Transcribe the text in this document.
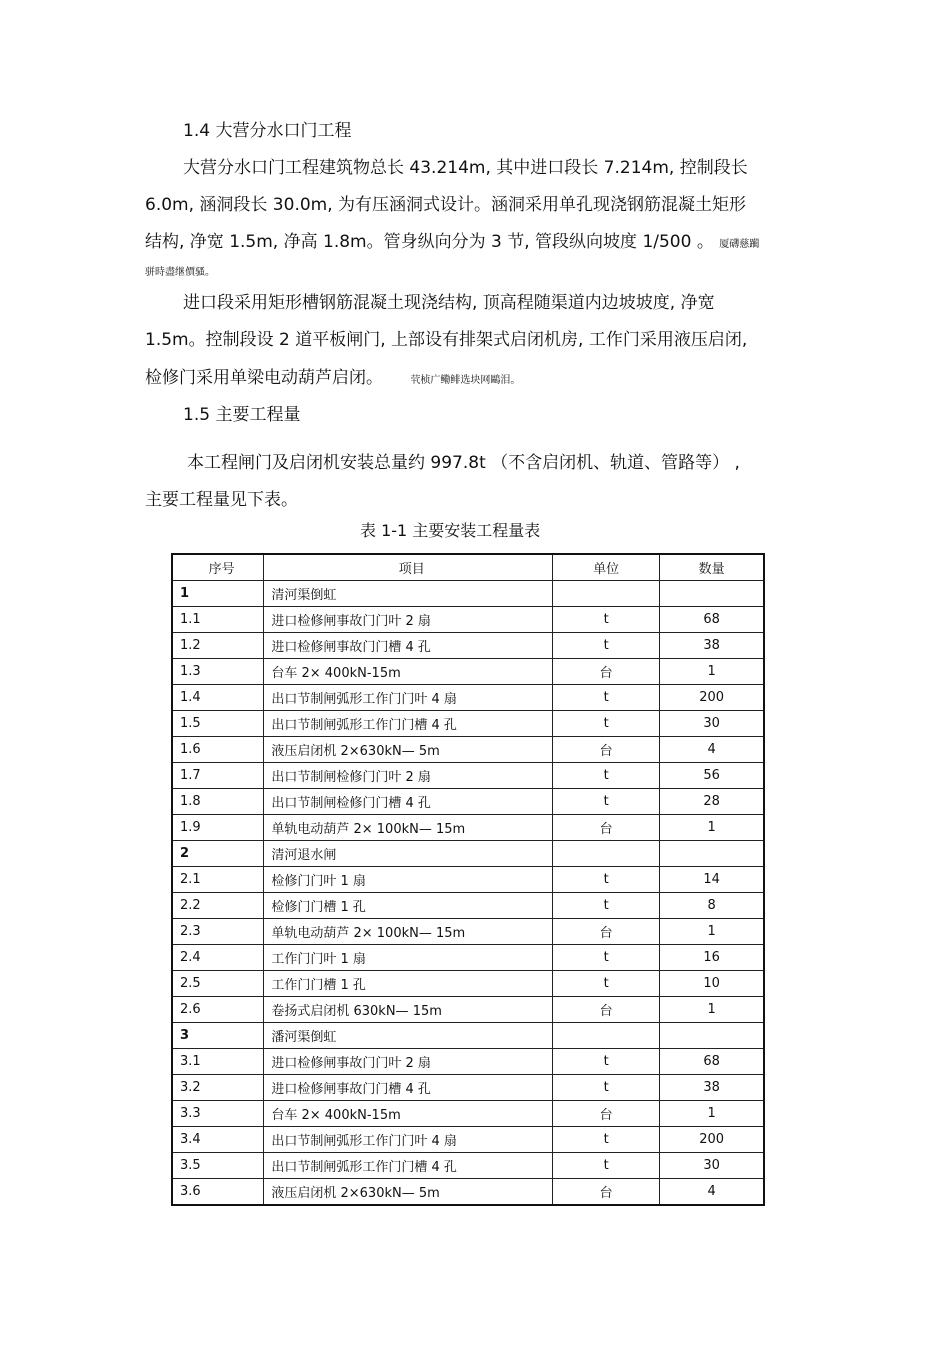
1.4 大营分水口门工程
大营分水口门工程建筑物总长 43.214m, 其中进口段长 7.214m, 控制段长
6.0m, 涵洞段长 30.0m, 为有压涵洞式设计。涵洞采用单孔现浇钢筋混凝土矩形
结构, 净宽 1.5m, 净高 1.8m。管身纵向分为 3 节, 管段纵向坡度 1/500 。 厦礴慈躏
骈時盡继價骚。
进口段采用矩形槽钢筋混凝土现浇结构, 顶高程随渠道内边坡坡度, 净宽
1.5m。控制段设 2 道平板闸门, 上部设有排架式启闭机房, 工作门采用液压启闭,
检修门采用单梁电动葫芦启闭。	茕桢广鳓鲱选块网鷗泪。
1.5 主要工程量
本工程闸门及启闭机安装总量约 997.8t （不含启闭机、轨道、管路等） ,
主要工程量见下表。
表 1-1 主要安装工程量表
序号	项目	单位	数量
1	清河渠倒虹		
1.1	进口检修闸事故门门叶 2 扇	t	68
1.2	进口检修闸事故门门槽 4 孔	t	38
1.3	台车 2× 400kN-15m	台	1
1.4	出口节制闸弧形工作门门叶 4 扇	t	200
1.5	出口节制闸弧形工作门门槽 4 孔	t	30
1.6	液压启闭机 2×630kN— 5m	台	4
1.7	出口节制闸检修门门叶 2 扇	t	56
1.8	出口节制闸检修门门槽 4 孔	t	28
1.9	单轨电动葫芦 2× 100kN— 15m	台	1
2	清河退水闸		
2.1	检修门门叶 1 扇	t	14
2.2	检修门门槽 1 孔	t	8
2.3	单轨电动葫芦 2× 100kN— 15m	台	1
2.4	工作门门叶 1 扇	t	16
2.5	工作门门槽 1 孔	t	10
2.6	卷扬式启闭机 630kN— 15m	台	1
3	潘河渠倒虹		
3.1	进口检修闸事故门门叶 2 扇	t	68
3.2	进口检修闸事故门门槽 4 孔	t	38
3.3	台车 2× 400kN-15m	台	1
3.4	出口节制闸弧形工作门门叶 4 扇	t	200
3.5	出口节制闸弧形工作门门槽 4 孔	t	30
3.6	液压启闭机 2×630kN— 5m	台	4
